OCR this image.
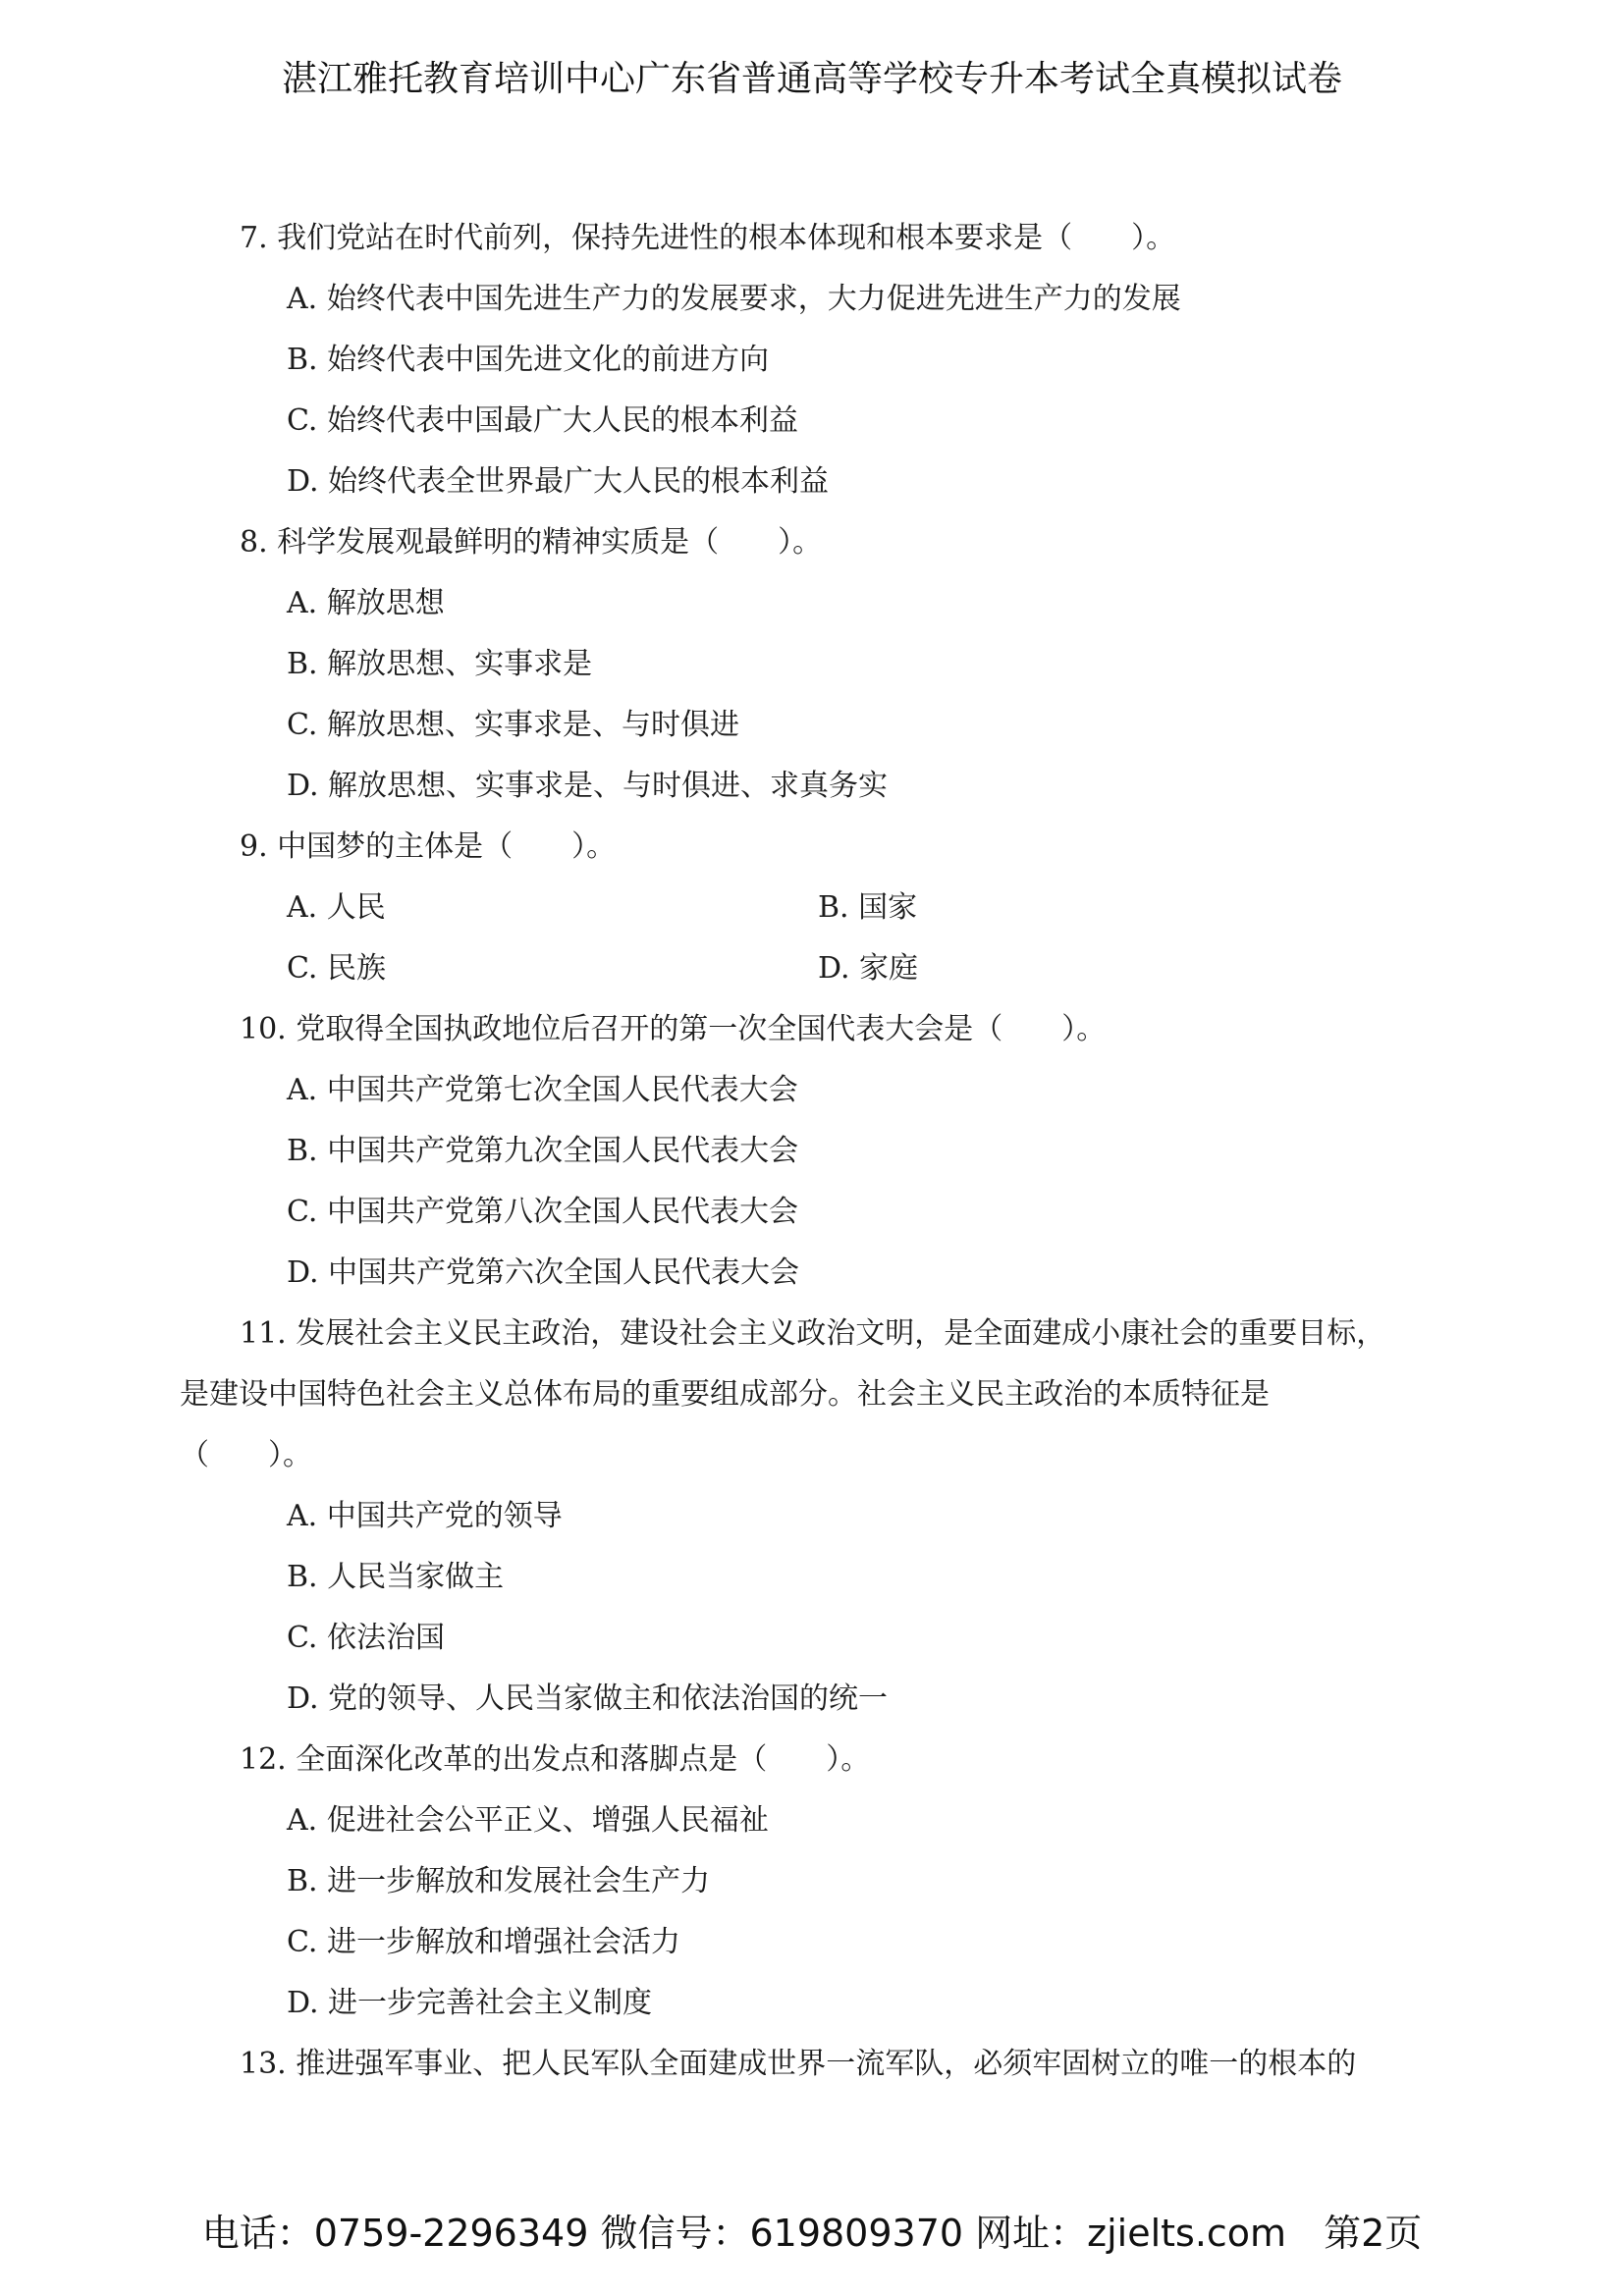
湛江雅托教育培训中心广东省普通高等学校专升本考试全真模拟试卷
7. 我们党站在时代前列，保持先进性的根本体现和根本要求是（　　）。
A. 始终代表中国先进生产力的发展要求，大力促进先进生产力的发展
B. 始终代表中国先进文化的前进方向
C. 始终代表中国最广大人民的根本利益
D. 始终代表全世界最广大人民的根本利益
8. 科学发展观最鲜明的精神实质是（　　）。
A. 解放思想
B. 解放思想、实事求是
C. 解放思想、实事求是、与时俱进
D. 解放思想、实事求是、与时俱进、求真务实
9. 中国梦的主体是（　　）。
A. 人民	B. 国家
C. 民族	D. 家庭
10. 党取得全国执政地位后召开的第一次全国代表大会是（　　）。
A. 中国共产党第七次全国人民代表大会
B. 中国共产党第九次全国人民代表大会
C. 中国共产党第八次全国人民代表大会
D. 中国共产党第六次全国人民代表大会
11. 发展社会主义民主政治，建设社会主义政治文明，是全面建成小康社会的重要目标，
是建设中国特色社会主义总体布局的重要组成部分。社会主义民主政治的本质特征是
（　　）。
A. 中国共产党的领导
B. 人民当家做主
C. 依法治国
D. 党的领导、人民当家做主和依法治国的统一
12. 全面深化改革的出发点和落脚点是（　　）。
A. 促进社会公平正义、增强人民福祉
B. 进一步解放和发展社会生产力
C. 进一步解放和增强社会活力
D. 进一步完善社会主义制度
13. 推进强军事业、把人民军队全面建成世界一流军队，必须牢固树立的唯一的根本的
电话：0759-2296349 微信号：619809370 网址：zjielts.com　第2页
